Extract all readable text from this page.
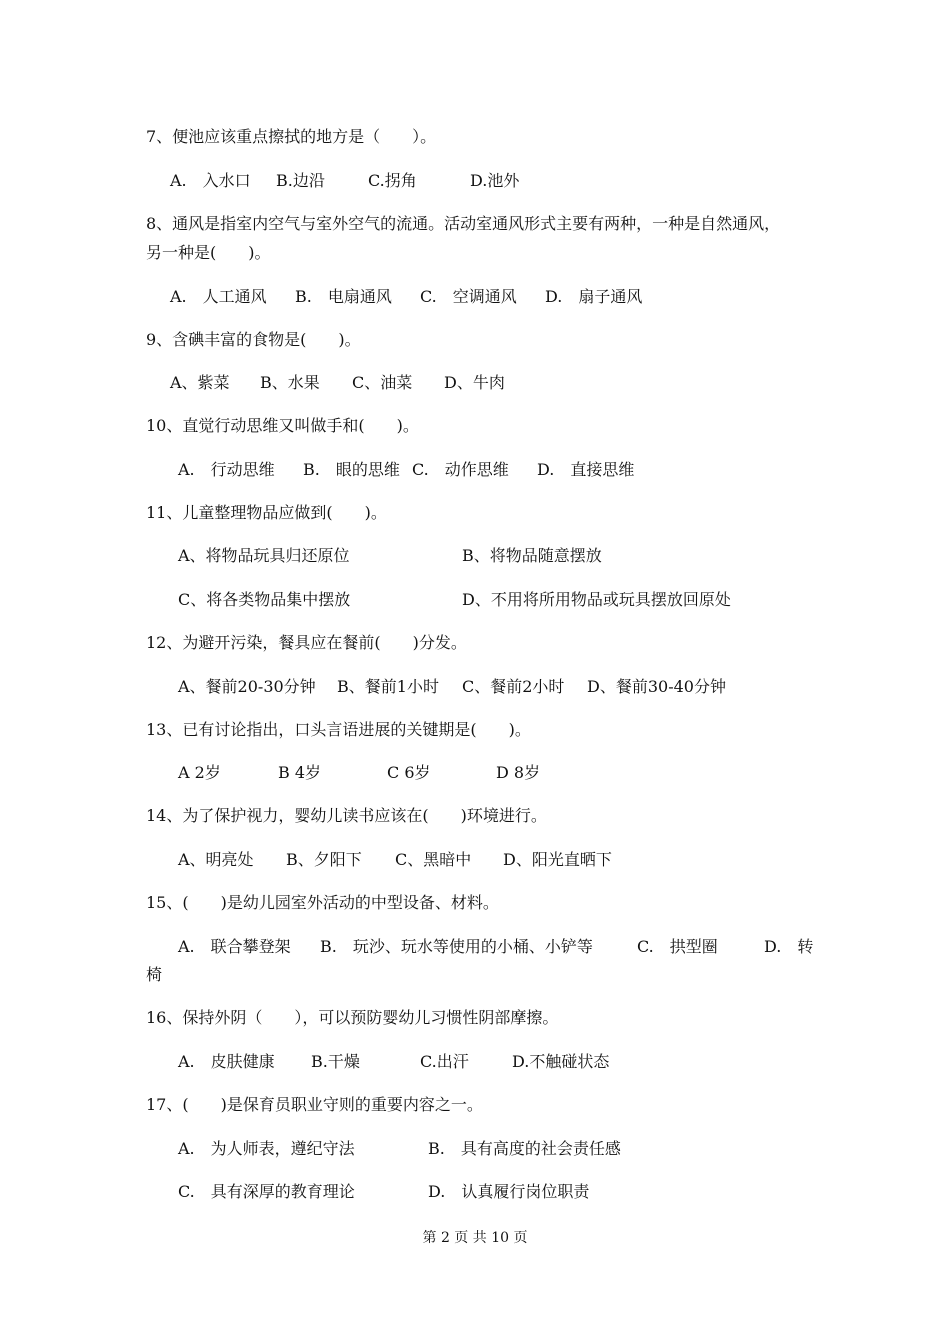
7、便池应该重点擦拭的地方是（　　）。
A.　入水口 B.边沿	C.拐角	D.池外
8、通风是指室内空气与室外空气的流通。活动室通风形式主要有两种，一种是自然通风，
另一种是(　　)。
A.　人工通风 B.　电扇通风 C.　空调通风 D.　扇子通风
9、含碘丰富的食物是(　　)。
A、紫菜 B、水果 C、油菜 D、牛肉
10、直觉行动思维又叫做手和(　　)。
A.　行动思维 B.　眼的思维 C.　动作思维 D.　直接思维
11、儿童整理物品应做到(　　)。
A、将物品玩具归还原位	B、将物品随意摆放
C、将各类物品集中摆放	D、不用将所用物品或玩具摆放回原处
12、为避开污染，餐具应在餐前(　　)分发。
A、餐前20-30分钟 B、餐前1小时 C、餐前2小时 D、餐前30-40分钟
13、已有讨论指出，口头言语进展的关键期是(　　)。
A 2岁	B 4岁	C 6岁	D 8岁
14、为了保护视力，婴幼儿读书应该在(　　)环境进行。
A、明亮处 B、夕阳下 C、黑暗中 D、阳光直晒下
15、(　　)是幼儿园室外活动的中型设备、材料。
A.　联合攀登架 B.　玩沙、玩水等使用的小桶、小铲等	C.　拱型圈	D.　转
椅
16、保持外阴（　　），可以预防婴幼儿习惯性阴部摩擦。
A.　皮肤健康 B.干燥	C.出汗	D.不触碰状态
17、(　　)是保育员职业守则的重要内容之一。
A.　为人师表，遵纪守法	B.　具有高度的社会责任感
C.　具有深厚的教育理论	D.　认真履行岗位职责
第 2 页 共 10 页
